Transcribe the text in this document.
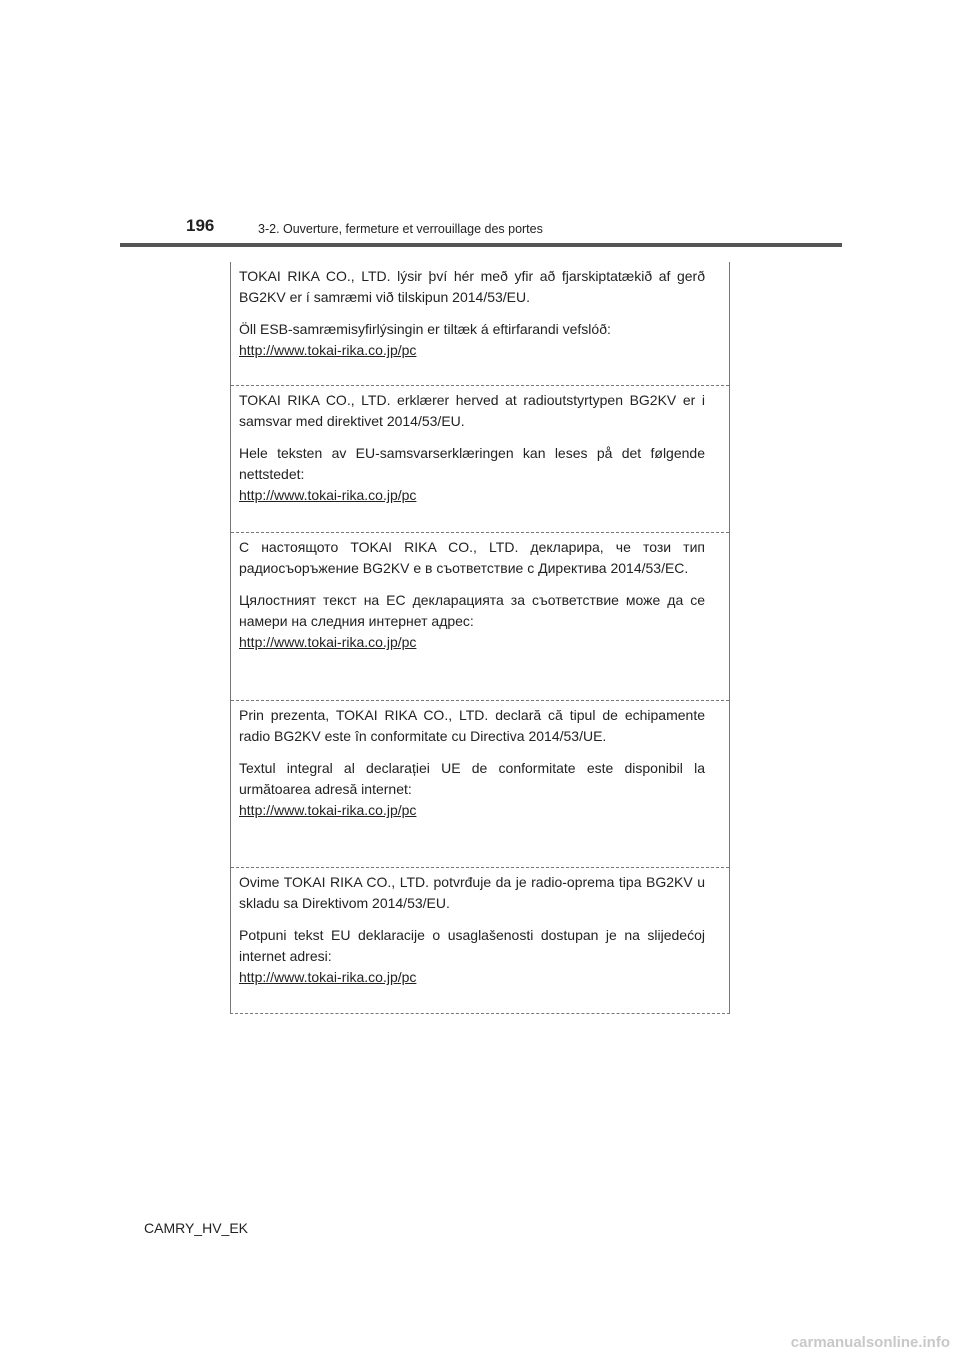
196	3-2. Ouverture, fermeture et verrouillage des portes

TOKAI RIKA CO., LTD. lýsir því hér með yfir að fjarskiptatækið af gerð BG2KV er í samræmi við tilskipun 2014/53/EU.

Öll ESB-samræmisyfirlýsingin er tiltæk á eftirfarandi vefslóð:

http://www.tokai-rika.co.jp/pc

TOKAI RIKA CO., LTD. erklærer herved at radioutstyrtypen BG2KV er i samsvar med direktivet 2014/53/EU.

Hele teksten av EU-samsvarserklæringen kan leses på det følgende nettstedet:

http://www.tokai-rika.co.jp/pc

С настоящото TOKAI RIKA CO., LTD. декларира, че този тип радиосъоръжение BG2KV е в съответствие с Директива 2014/53/ЕС.

Цялостният текст на ЕС декларацията за съответствие може да се намери на следния интернет адрес:

http://www.tokai-rika.co.jp/pc

Prin prezenta, TOKAI RIKA CO., LTD. declară că tipul de echipamente radio BG2KV este în conformitate cu Directiva 2014/53/UE.

Textul integral al declarației UE de conformitate este disponibil la următoarea adresă internet:

http://www.tokai-rika.co.jp/pc

Ovime TOKAI RIKA CO., LTD. potvrđuje da je radio-oprema tipa BG2KV u skladu sa Direktivom 2014/53/EU.

Potpuni tekst EU deklaracije o usaglašenosti dostupan je na slijedećoj internet adresi:

http://www.tokai-rika.co.jp/pc
CAMRY_HV_EK
carmanualsonline.info
